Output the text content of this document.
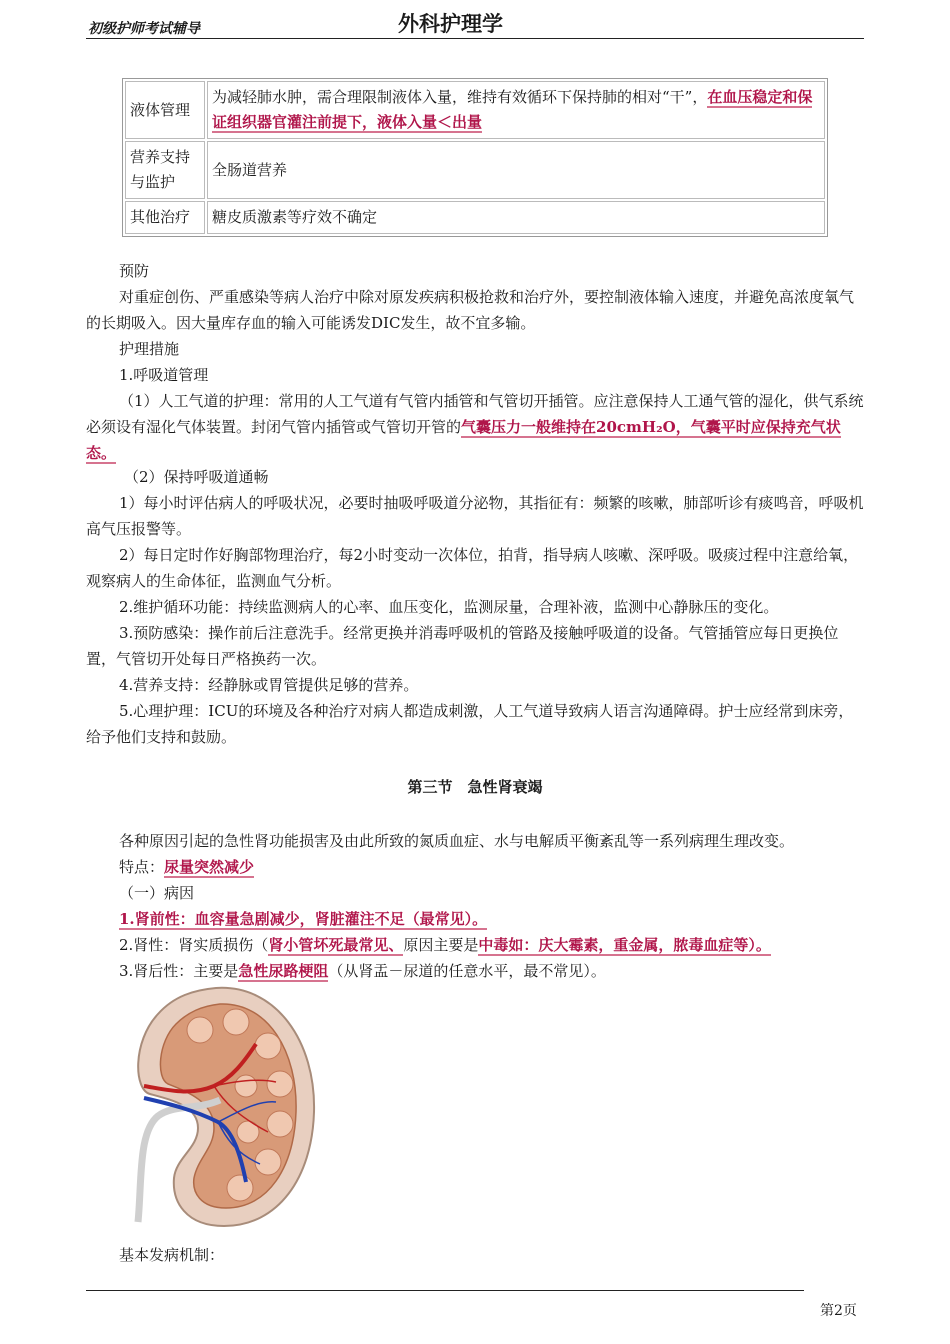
初级护师考试辅导	外科护理学
液体管理	为减轻肺水肿，需合理限制液体入量，维持有效循环下保持肺的相对“干”，在血压稳定和保证组织器官灌注前提下，液体入量＜出量
营养支持与监护	全肠道营养
其他治疗	糖皮质激素等疗效不确定
预防
对重症创伤、严重感染等病人治疗中除对原发疾病积极抢救和治疗外，要控制液体输入速度，并避免高浓度氧气的长期吸入。因大量库存血的输入可能诱发DIC发生，故不宜多输。
护理措施
1.呼吸道管理
（1）人工气道的护理：常用的人工气道有气管内插管和气管切开插管。应注意保持人工通气管的湿化，供气系统必须设有湿化气体装置。封闭气管内插管或气管切开管的气囊压力一般维持在20cmH₂O，气囊平时应保持充气状态。
（2）保持呼吸道通畅
1）每小时评估病人的呼吸状况，必要时抽吸呼吸道分泌物，其指征有：频繁的咳嗽，肺部听诊有痰鸣音，呼吸机高气压报警等。
2）每日定时作好胸部物理治疗，每2小时变动一次体位，拍背，指导病人咳嗽、深呼吸。吸痰过程中注意给氧，观察病人的生命体征，监测血气分析。
2.维护循环功能：持续监测病人的心率、血压变化，监测尿量，合理补液，监测中心静脉压的变化。
3.预防感染：操作前后注意洗手。经常更换并消毒呼吸机的管路及接触呼吸道的设备。气管插管应每日更换位置，气管切开处每日严格换药一次。
4.营养支持：经静脉或胃管提供足够的营养。
5.心理护理：ICU的环境及各种治疗对病人都造成刺激，人工气道导致病人语言沟通障碍。护士应经常到床旁，给予他们支持和鼓励。
第三节　急性肾衰竭
各种原因引起的急性肾功能损害及由此所致的氮质血症、水与电解质平衡紊乱等一系列病理生理改变。
特点：尿量突然减少
（一）病因
1.肾前性：血容量急剧减少，肾脏灌注不足（最常见）。
2.肾性：肾实质损伤（肾小管坏死最常见、原因主要是中毒如：庆大霉素，重金属，脓毒血症等）。
3.肾后性：主要是急性尿路梗阻（从肾盂－尿道的任意水平，最不常见）。
基本发病机制：
第2页
